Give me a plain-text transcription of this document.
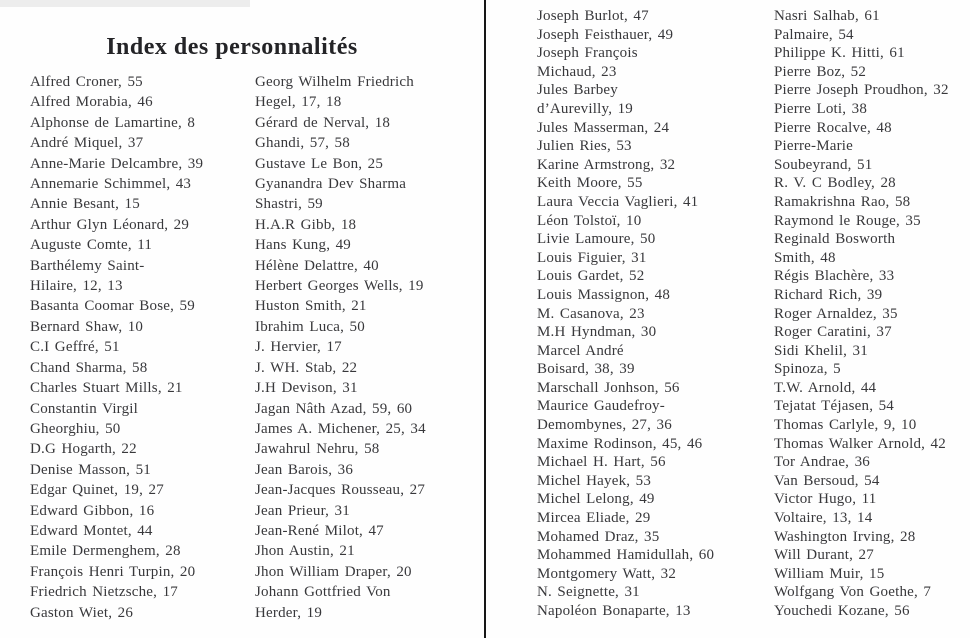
Index des personnalités
Alfred Croner, 55
Alfred Morabia, 46
Alphonse de Lamartine, 8
André Miquel, 37
Anne-Marie Delcambre, 39
Annemarie Schimmel, 43
Annie Besant, 15
Arthur Glyn Léonard, 29
Auguste Comte, 11
Barthélemy Saint-
Hilaire, 12, 13
Basanta Coomar Bose, 59
Bernard Shaw, 10
C.I Geffré, 51
Chand Sharma, 58
Charles Stuart Mills, 21
Constantin Virgil
Gheorghiu, 50
D.G Hogarth, 22
Denise Masson, 51
Edgar Quinet, 19, 27
Edward Gibbon, 16
Edward Montet, 44
Emile Dermenghem, 28
François Henri Turpin, 20
Friedrich Nietzsche, 17
Gaston Wiet, 26
Georg Wilhelm Friedrich
Hegel, 17, 18
Gérard de Nerval, 18
Ghandi, 57, 58
Gustave Le Bon, 25
Gyanandra Dev Sharma
Shastri, 59
H.A.R Gibb, 18
Hans Kung, 49
Hélène Delattre, 40
Herbert Georges Wells, 19
Huston Smith, 21
Ibrahim Luca, 50
J. Hervier, 17
J. WH. Stab, 22
J.H Devison, 31
Jagan Nâth Azad, 59, 60
James A. Michener, 25, 34
Jawahrul Nehru, 58
Jean Barois, 36
Jean-Jacques Rousseau, 27
Jean Prieur, 31
Jean-René Milot, 47
Jhon Austin, 21
Jhon William Draper, 20
Johann Gottfried Von
Herder, 19
Joseph Burlot, 47
Joseph Feisthauer, 49
Joseph François
Michaud, 23
Jules Barbey
d’Aurevilly, 19
Jules Masserman, 24
Julien Ries, 53
Karine Armstrong, 32
Keith Moore, 55
Laura Veccia Vaglieri, 41
Léon Tolstoï, 10
Livie Lamoure, 50
Louis Figuier, 31
Louis Gardet, 52
Louis Massignon, 48
M. Casanova, 23
M.H Hyndman, 30
Marcel André
Boisard, 38, 39
Marschall Jonhson, 56
Maurice Gaudefroy-
Demombynes, 27, 36
Maxime Rodinson, 45, 46
Michael H. Hart, 56
Michel Hayek, 53
Michel Lelong, 49
Mircea Eliade, 29
Mohamed Draz, 35
Mohammed Hamidullah, 60
Montgomery Watt, 32
N. Seignette, 31
Napoléon Bonaparte, 13
Nasri Salhab, 61
Palmaire, 54
Philippe K. Hitti, 61
Pierre Boz, 52
Pierre Joseph Proudhon, 32
Pierre Loti, 38
Pierre Rocalve, 48
Pierre-Marie
Soubeyrand, 51
R. V. C Bodley, 28
Ramakrishna Rao, 58
Raymond le Rouge, 35
Reginald Bosworth
Smith, 48
Régis Blachère, 33
Richard Rich, 39
Roger Arnaldez, 35
Roger Caratini, 37
Sidi Khelil, 31
Spinoza, 5
T.W. Arnold, 44
Tejatat Téjasen, 54
Thomas Carlyle, 9, 10
Thomas Walker Arnold, 42
Tor Andrae, 36
Van Bersoud, 54
Victor Hugo, 11
Voltaire, 13, 14
Washington Irving, 28
Will Durant, 27
William Muir, 15
Wolfgang Von Goethe, 7
Youchedi Kozane, 56
